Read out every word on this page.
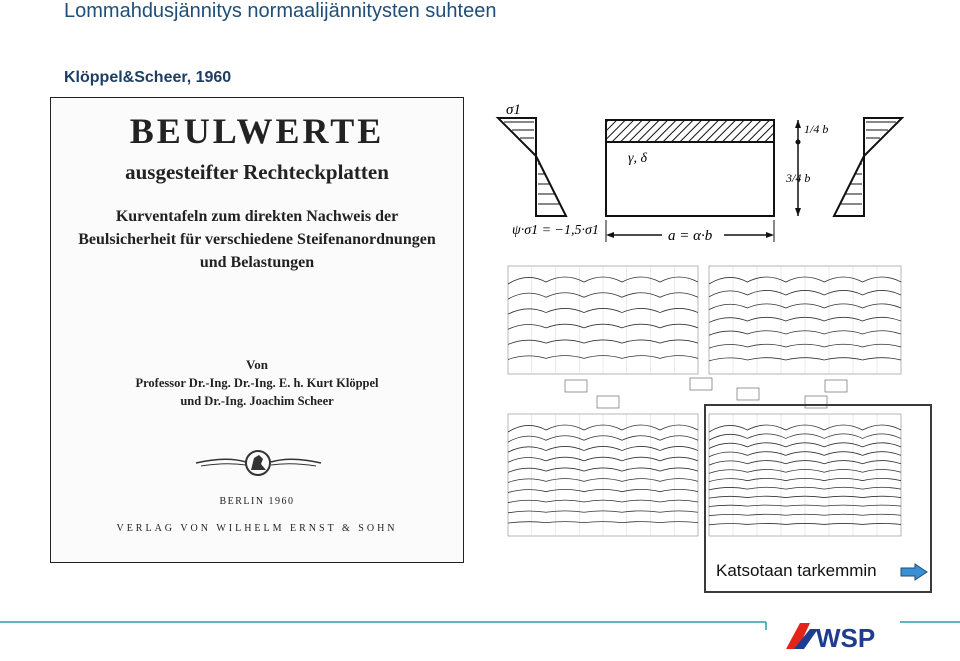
Lommahdusjännitys normaalijännitysten suhteen
Klöppel&Scheer, 1960
BEULWERTE
ausgesteifter Rechteckplatten
Kurventafeln zum direkten Nachweis der Beulsicherheit für verschiedene Steifenanordnungen und Belastungen
Von
Professor Dr.-Ing. Dr.-Ing. E. h. Kurt Klöppel
und Dr.-Ing. Joachim Scheer
BERLIN 1960
VERLAG VON WILHELM ERNST & SOHN
σ1
ψ·σ1 = −1,5·σ1
γ, δ
1/4 b
3/4 b
a = α·b
Katsotaan tarkemmin
WSP
